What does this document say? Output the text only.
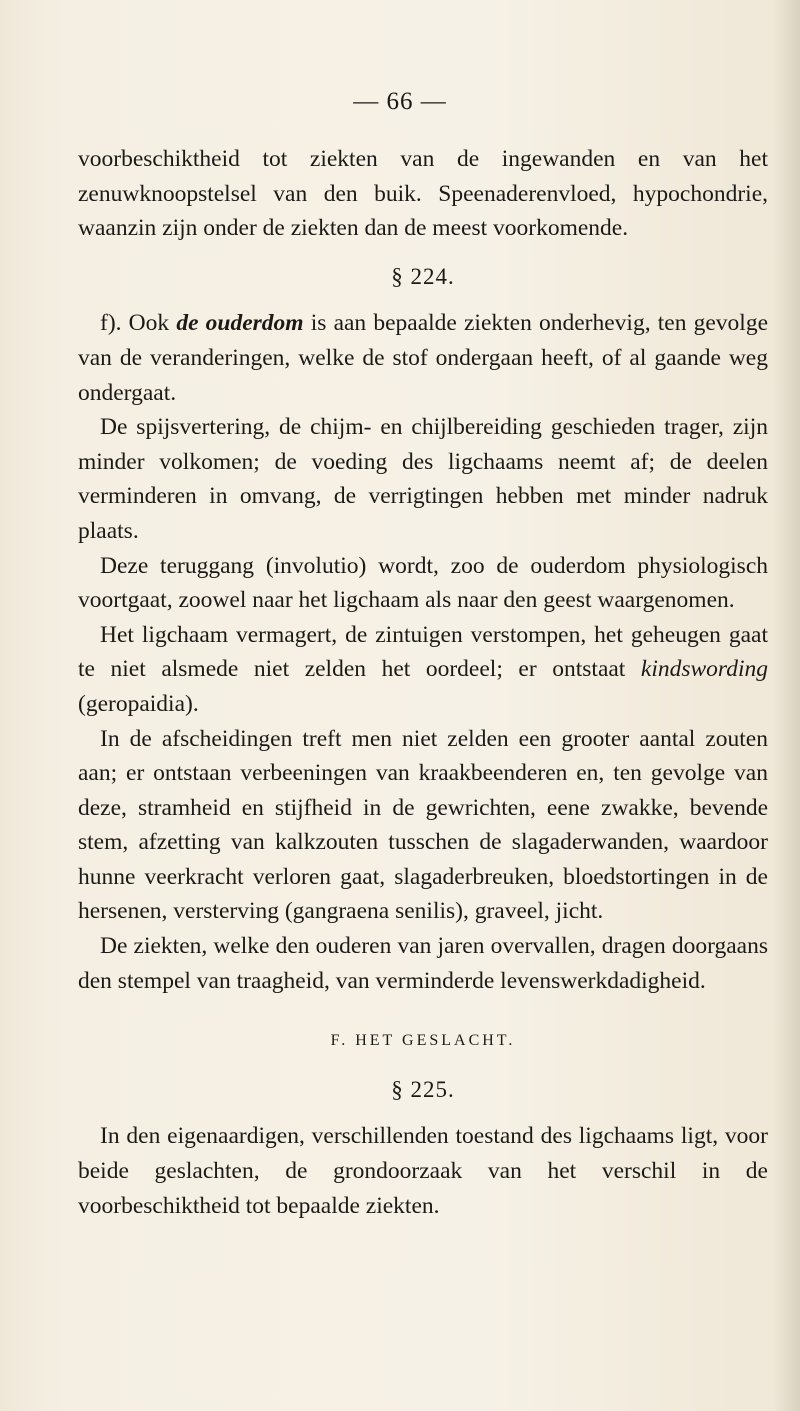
— 66 —

voorbeschiktheid tot ziekten van de ingewanden en van het zenuwknoopstelsel van den buik. Speenaderenvloed, hypochondrie, waanzin zijn onder de ziekten dan de meest voorkomende.

§ 224.

f). Ook de ouderdom is aan bepaalde ziekten onderhevig, ten gevolge van de veranderingen, welke de stof ondergaan heeft, of al gaande weg ondergaat.

De spijsvertering, de chijm- en chijlbereiding geschieden trager, zijn minder volkomen; de voeding des ligchaams neemt af; de deelen verminderen in omvang, de verrigtingen hebben met minder nadruk plaats.

Deze teruggang (involutio) wordt, zoo de ouderdom physiologisch voortgaat, zoowel naar het ligchaam als naar den geest waargenomen.

Het ligchaam vermagert, de zintuigen verstompen, het geheugen gaat te niet alsmede niet zelden het oordeel; er ontstaat kindswording (geropaidia).

In de afscheidingen treft men niet zelden een grooter aantal zouten aan; er ontstaan verbeeningen van kraakbeenderen en, ten gevolge van deze, stramheid en stijfheid in de gewrichten, eene zwakke, bevende stem, afzetting van kalkzouten tusschen de slagaderwanden, waardoor hunne veerkracht verloren gaat, slagaderbreuken, bloedstortingen in de hersenen, versterving (gangraena senilis), graveel, jicht.

De ziekten, welke den ouderen van jaren overvallen, dragen doorgaans den stempel van traagheid, van verminderde levenswerkdadigheid.

F. HET GESLACHT.
§ 225.

In den eigenaardigen, verschillenden toestand des ligchaams ligt, voor beide geslachten, de grondoorzaak van het verschil in de voorbeschiktheid tot bepaalde ziekten.
